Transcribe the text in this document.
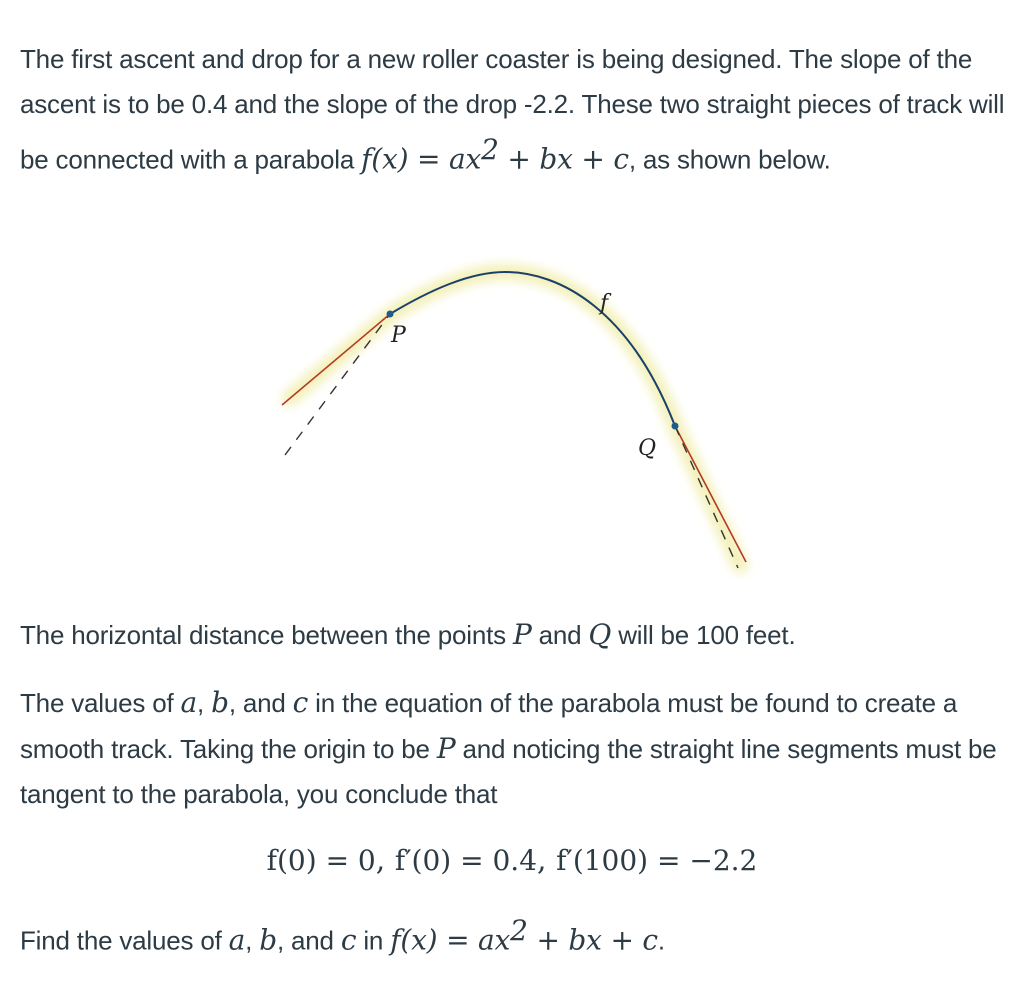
The first ascent and drop for a new roller coaster is being designed. The slope of the ascent is to be 0.4 and the slope of the drop -2.2. These two straight pieces of track will be connected with a parabola $f(x) = ax^2$ + bx + c, as shown below.

P
Q
f

The horizontal distance between the points P and Q will be 100 feet.

The values of a, b, and c in the equation of the parabola must be found to create a smooth track. Taking the origin to be P and noticing the straight line segments must be tangent to the parabola, you conclude that

f(0) = 0, f′(0) = 0.4, f′(100) = −2.2

Find the values of a, b, and c in $f(x) = ax^2$ + bx + c.
